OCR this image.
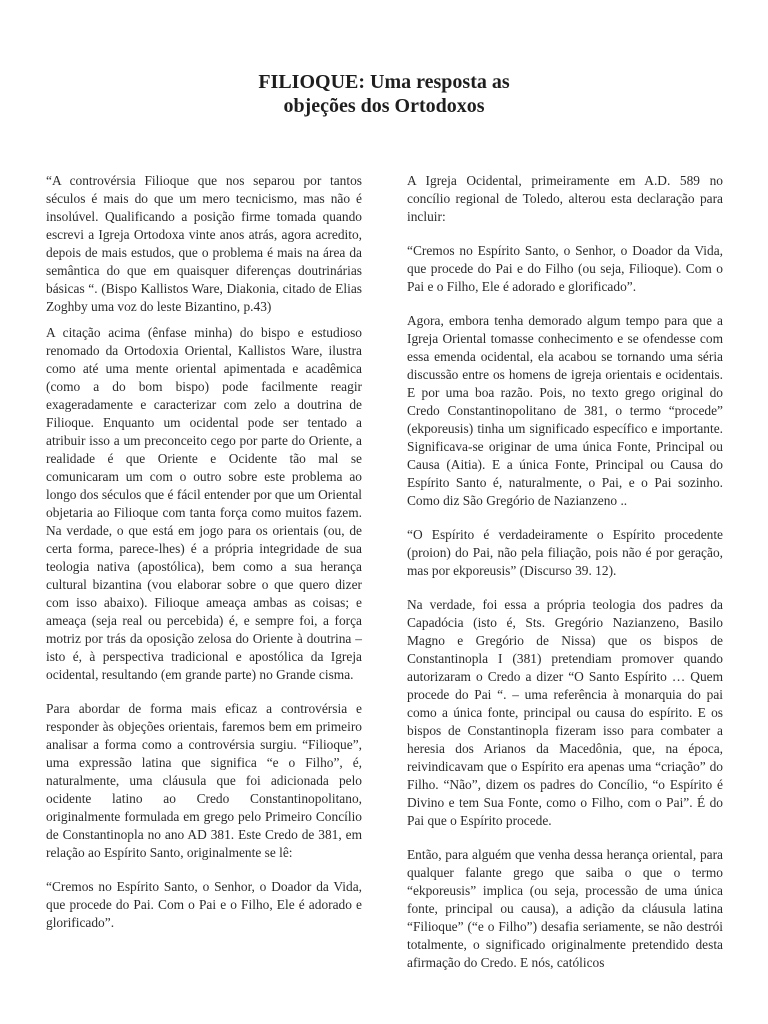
FILIOQUE: Uma resposta as
objeções dos Ortodoxos

“A controvérsia Filioque que nos separou por tantos séculos é mais do que um mero tecnicismo, mas não é insolúvel. Qualificando a posição firme tomada quando escrevi a Igreja Ortodoxa vinte anos atrás, agora acredito, depois de mais estudos, que o problema é mais na área da semântica do que em quaisquer diferenças doutrinárias básicas “. (Bispo Kallistos Ware, Diakonia, citado de Elias Zoghby uma voz do leste Bizantino, p.43)

A citação acima (ênfase minha) do bispo e estudioso renomado da Ortodoxia Oriental, Kallistos Ware, ilustra como até uma mente oriental apimentada e acadêmica (como a do bom bispo) pode facilmente reagir exageradamente e caracterizar com zelo a doutrina de Filioque. Enquanto um ocidental pode ser tentado a atribuir isso a um preconceito cego por parte do Oriente, a realidade é que Oriente e Ocidente tão mal se comunicaram um com o outro sobre este problema ao longo dos séculos que é fácil entender por que um Oriental objetaria ao Filioque com tanta força como muitos fazem. Na verdade, o que está em jogo para os orientais (ou, de certa forma, parece-lhes) é a própria integridade de sua teologia nativa (apostólica), bem como a sua herança cultural bizantina (vou elaborar sobre o que quero dizer com isso abaixo). Filioque ameaça ambas as coisas; e ameaça (seja real ou percebida) é, e sempre foi, a força motriz por trás da oposição zelosa do Oriente à doutrina – isto é, à perspectiva tradicional e apostólica da Igreja ocidental, resultando (em grande parte) no Grande cisma.

Para abordar de forma mais eficaz a controvérsia e responder às objeções orientais, faremos bem em primeiro analisar a forma como a controvérsia surgiu. “Filioque”, uma expressão latina que significa “e o Filho”, é, naturalmente, uma cláusula que foi adicionada pelo ocidente latino ao Credo Constantinopolitano, originalmente formulada em grego pelo Primeiro Concílio de Constantinopla no ano AD 381. Este Credo de 381, em relação ao Espírito Santo, originalmente se lê:

“Cremos no Espírito Santo, o Senhor, o Doador da Vida, que procede do Pai. Com o Pai e o Filho, Ele é adorado e glorificado”.

A Igreja Ocidental, primeiramente em A.D. 589 no concílio regional de Toledo, alterou esta declaração para incluir:

“Cremos no Espírito Santo, o Senhor, o Doador da Vida, que procede do Pai e do Filho (ou seja, Filioque). Com o Pai e o Filho, Ele é adorado e glorificado”.

Agora, embora tenha demorado algum tempo para que a Igreja Oriental tomasse conhecimento e se ofendesse com essa emenda ocidental, ela acabou se tornando uma séria discussão entre os homens de igreja orientais e ocidentais. E por uma boa razão. Pois, no texto grego original do Credo Constantinopolitano de 381, o termo “procede” (ekporeusis) tinha um significado específico e importante. Significava-se originar de uma única Fonte, Principal ou Causa (Aitia). E a única Fonte, Principal ou Causa do Espírito Santo é, naturalmente, o Pai, e o Pai sozinho. Como diz São Gregório de Nazianzeno ..

“O Espírito é verdadeiramente o Espírito procedente (proion) do Pai, não pela filiação, pois não é por geração, mas por ekporeusis” (Discurso 39. 12).

Na verdade, foi essa a própria teologia dos padres da Capadócia (isto é, Sts. Gregório Nazianzeno, Basilo Magno e Gregório de Nissa) que os bispos de Constantinopla I (381) pretendiam promover quando autorizaram o Credo a dizer “O Santo Espírito … Quem procede do Pai “. – uma referência à monarquia do pai como a única fonte, principal ou causa do espírito. E os bispos de Constantinopla fizeram isso para combater a heresia dos Arianos da Macedônia, que, na época, reivindicavam que o Espírito era apenas uma “criação” do Filho. “Não”, dizem os padres do Concílio, “o Espírito é Divino e tem Sua Fonte, como o Filho, com o Pai”. É do Pai que o Espírito procede.

Então, para alguém que venha dessa herança oriental, para qualquer falante grego que saiba o que o termo “ekporeusis” implica (ou seja, processão de uma única fonte, principal ou causa), a adição da cláusula latina “Filioque” (“e o Filho”) desafia seriamente, se não destrói totalmente, o significado originalmente pretendido desta afirmação do Credo. E nós, católicos
